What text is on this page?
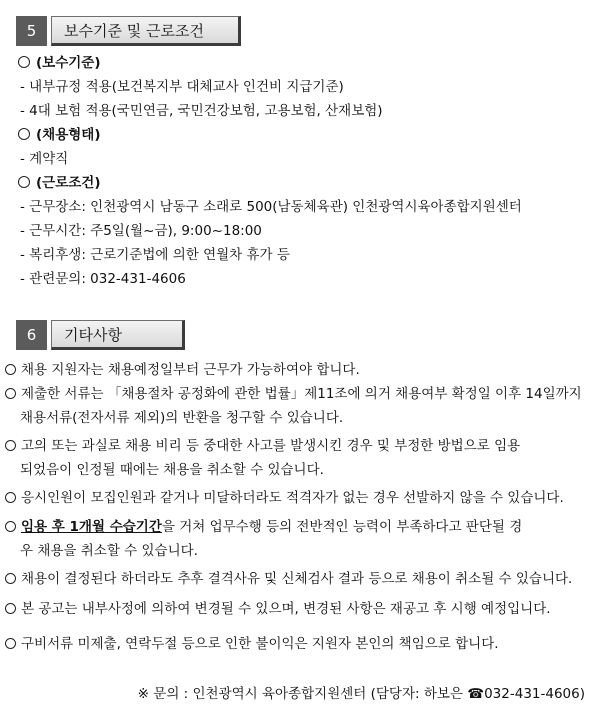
5	보수기준 및 근로조건
(보수기준)
- 내부규정 적용(보건복지부 대체교사 인건비 지급기준)
- 4대 보험 적용(국민연금, 국민건강보험, 고용보험, 산재보험)
(채용형태)
- 계약직
(근로조건)
- 근무장소: 인천광역시 남동구 소래로 500(남동체육관) 인천광역시육아종합지원센터
- 근무시간: 주5일(월~금), 9:00~18:00
- 복리후생: 근로기준법에 의한 연월차 휴가 등
- 관련문의: 032-431-4606
6	기타사항
채용 지원자는 채용예정일부터 근무가 가능하여야 합니다.
제출한 서류는 「채용절차 공정화에 관한 법률」제11조에 의거 채용여부 확정일 이후 14일까지
채용서류(전자서류 제외)의 반환을 청구할 수 있습니다.
고의 또는 과실로 채용 비리 등 중대한 사고를 발생시킨 경우 및 부정한 방법으로 임용
되었음이 인정될 때에는 채용을 취소할 수 있습니다.
응시인원이 모집인원과 같거나 미달하더라도 적격자가 없는 경우 선발하지 않을 수 있습니다.
임용 후 1개월 수습기간을 거쳐 업무수행 등의 전반적인 능력이 부족하다고 판단될 경
우 채용을 취소할 수 있습니다.
채용이 결정된다 하더라도 추후 결격사유 및 신체검사 결과 등으로 채용이 취소될 수 있습니다.
본 공고는 내부사정에 의하여 변경될 수 있으며, 변경된 사항은 재공고 후 시행 예정입니다.
구비서류 미제출, 연락두절 등으로 인한 불이익은 지원자 본인의 책임으로 합니다.
※ 문의 : 인천광역시 육아종합지원센터 (담당자: 하보은 ☎032-431-4606)
